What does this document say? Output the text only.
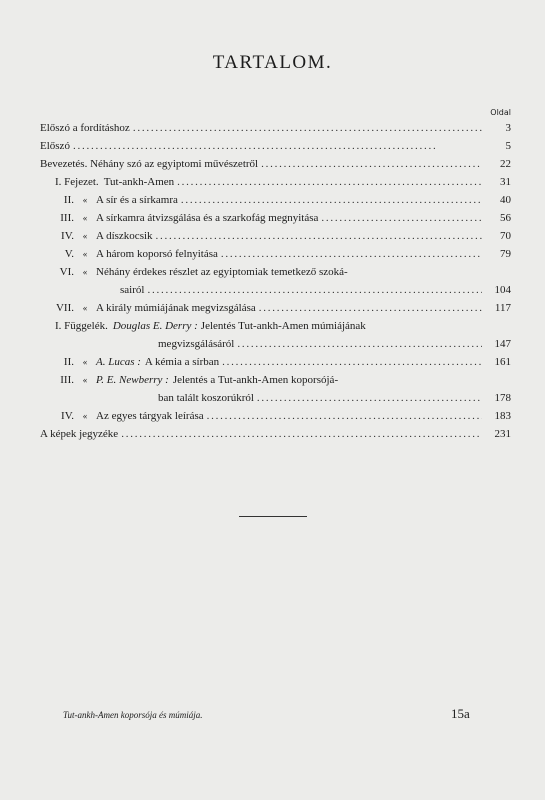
TARTALOM.
Oldal
Előszó a fordításhoz . . .	3
Előszó . . .	5
Bevezetés. Néhány szó az egyiptomi művészetről . . .	22
I. Fejezet. Tut-ankh-Amen . . .	31
II. « A sír és a sírkamra . . .	40
III. « A sírkamra átvizsgálása és a szarkofág megnyitása . . .	56
IV. « A díszkocsik . . .	70
V. « A három koporsó felnyitása . . .	79
VI. « Néhány érdekes részlet az egyiptomiak temetkező szoká-
sairól . . .	104
VII. « A király múmiájának megvizsgálása . . .	117
I. Függelék. Douglas E. Derry : Jelentés Tut-ankh-Amen múmiájának
megvizsgálásáról . . .	147
II. « A. Lucas : A kémia a sírban . . .	161
III. « P. E. Newberry : Jelentés a Tut-ankh-Amen koporsójá-
ban talált koszorúkról . . .	178
IV. « Az egyes tárgyak leírása . . .	183
A képek jegyzéke . . .	231
Tut-ankh-Amen koporsója és múmiája.	15a
